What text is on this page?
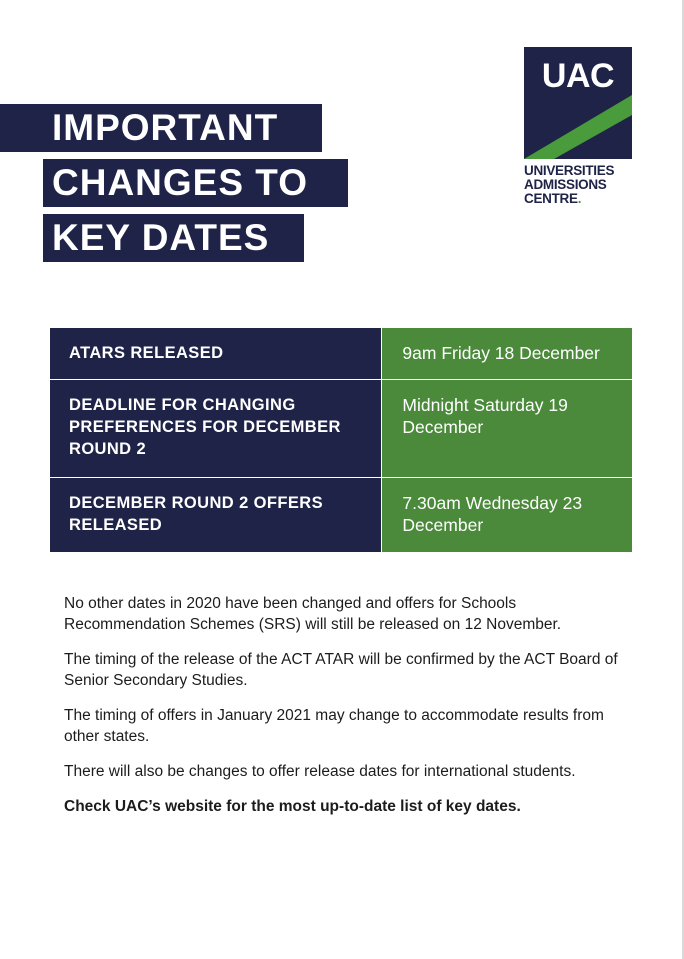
UAC
UNIVERSITIES
ADMISSIONS
CENTRE.
IMPORTANT
CHANGES TO
KEY DATES
ATARS RELEASED	9am Friday 18 December
DEADLINE FOR CHANGING PREFERENCES FOR DECEMBER ROUND 2	Midnight Saturday 19 December
DECEMBER ROUND 2 OFFERS RELEASED	7.30am Wednesday 23 December

No other dates in 2020 have been changed and offers for Schools Recommendation Schemes (SRS) will still be released on 12 November.

The timing of the release of the ACT ATAR will be confirmed by the ACT Board of Senior Secondary Studies.

The timing of offers in January 2021 may change to accommodate results from other states.

There will also be changes to offer release dates for international students.

Check UAC’s website for the most up-to-date list of key dates.
